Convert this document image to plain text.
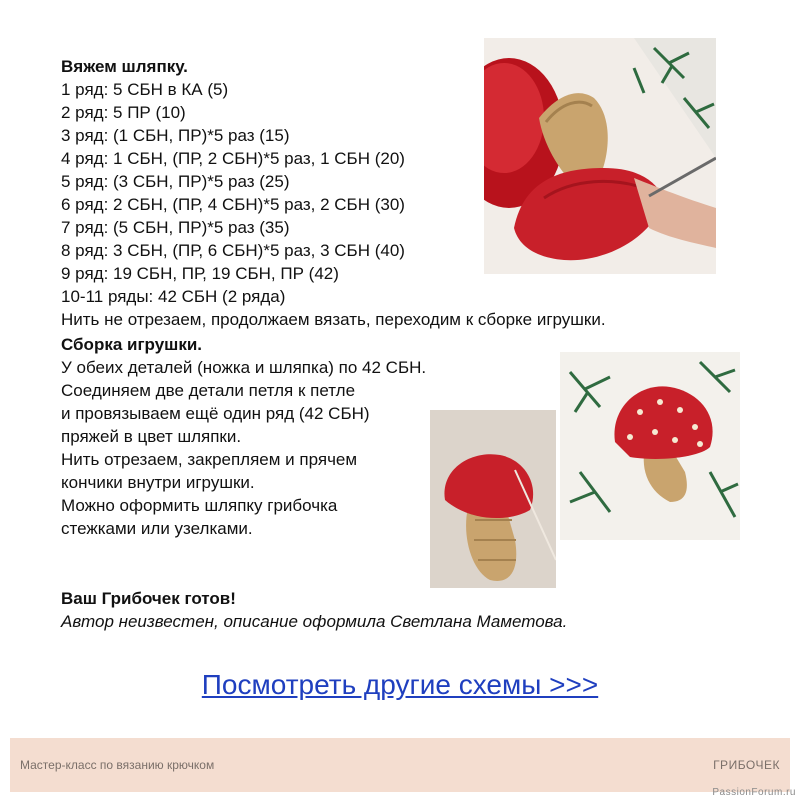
Вяжем шляпку.
1 ряд: 5 СБН в КА (5)
2 ряд: 5 ПР (10)
3 ряд: (1 СБН, ПР)*5 раз (15)
4 ряд: 1 СБН, (ПР, 2 СБН)*5 раз, 1 СБН (20)
5 ряд: (3 СБН, ПР)*5 раз (25)
6 ряд: 2 СБН, (ПР, 4 СБН)*5 раз, 2 СБН (30)
7 ряд: (5 СБН, ПР)*5 раз (35)
8 ряд: 3 СБН, (ПР, 6 СБН)*5 раз, 3 СБН (40)
9 ряд: 19 СБН, ПР, 19 СБН, ПР (42)
10-11 ряды: 42 СБН (2 ряда)
Нить не отрезаем, продолжаем вязать, переходим к сборке игрушки.
Сборка игрушки.
У обеих деталей (ножка и шляпка) по 42 СБН.
Соединяем две детали петля к петле
и провязываем ещё один ряд (42 СБН)
пряжей в цвет шляпки.
Нить отрезаем, закрепляем и прячем
кончики внутри игрушки.
Можно оформить шляпку грибочка
стежками или узелками.
Ваш Грибочек готов!
Автор неизвестен, описание оформила Светлана Маметова.
Посмотреть другие схемы >>>
Мастер-класс по вязанию крючком	ГРИБОЧЕК
PassionForum.ru
